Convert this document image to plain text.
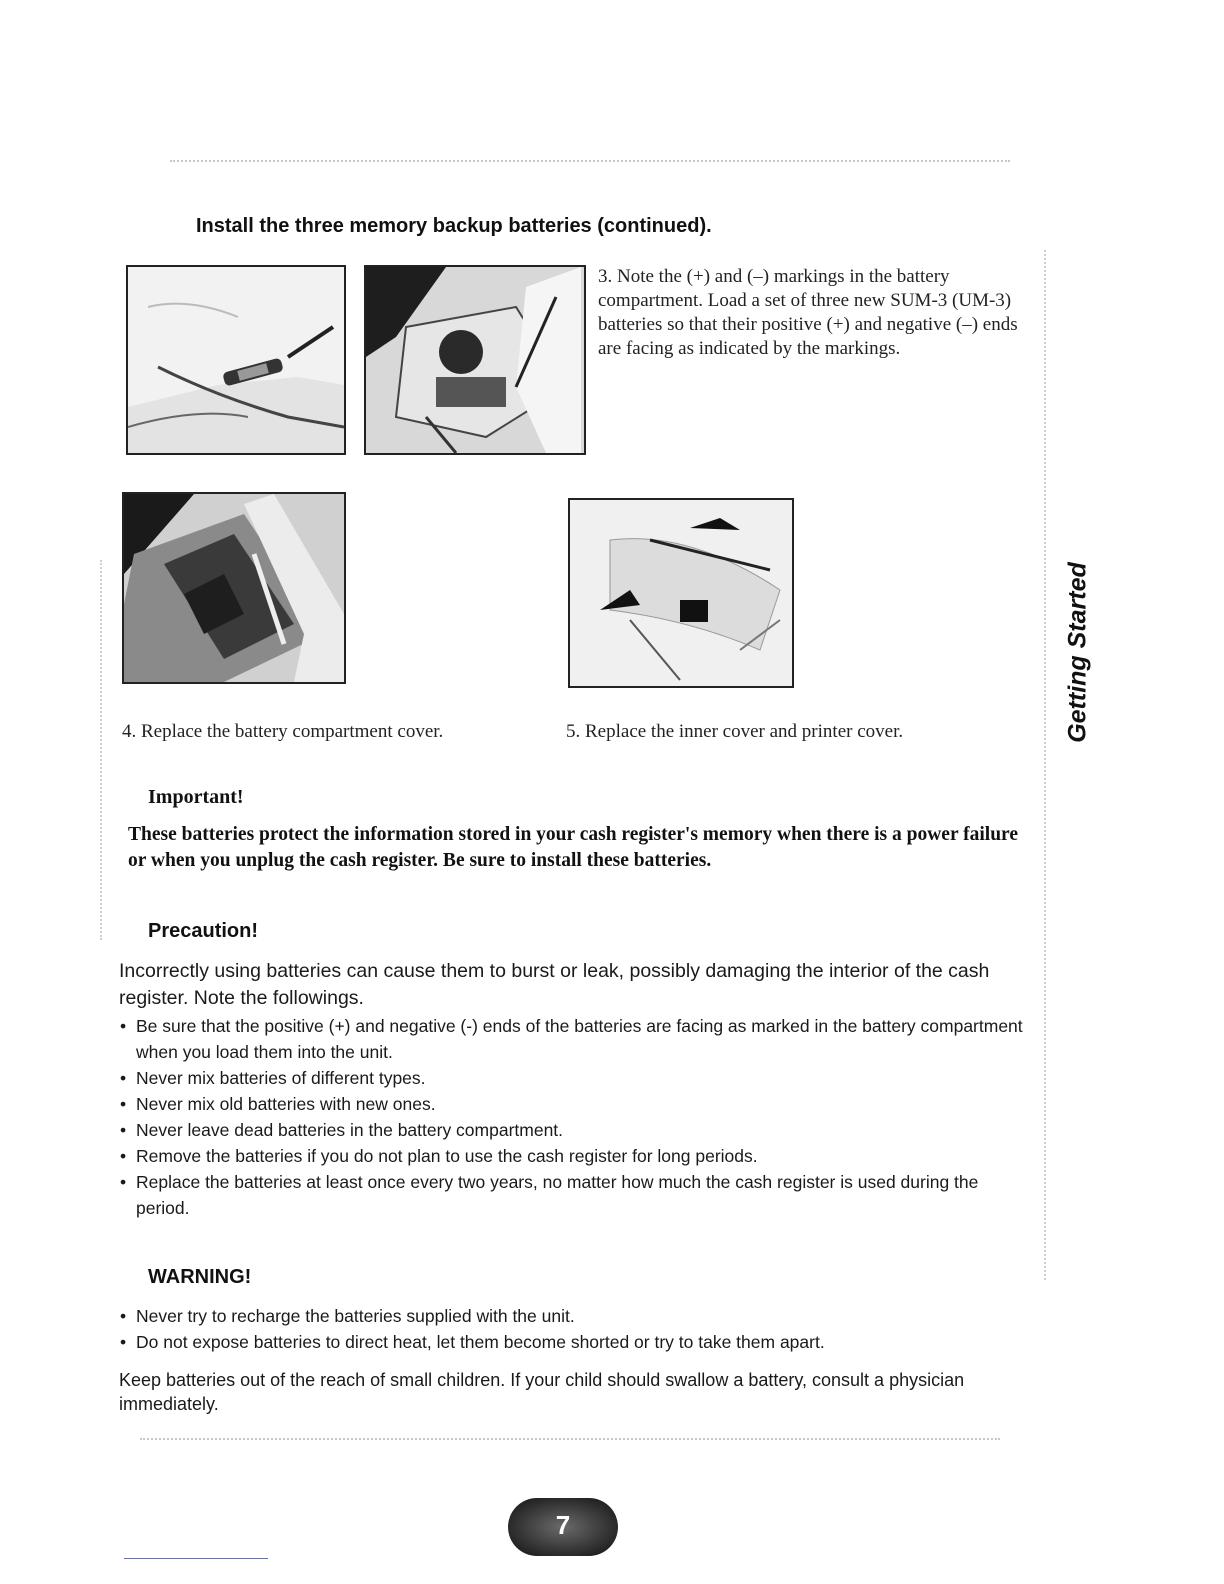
Install the three memory backup batteries (continued).
3. Note the (+) and (–) markings in the battery compartment. Load a set of three new SUM-3 (UM-3) batteries so that their positive (+) and negative (–) ends are facing as indicated by the markings.
4. Replace the battery compartment cover.	5. Replace the inner cover and printer cover.	Getting Started
Important!
These batteries protect the information stored in your cash register's memory when there is a power failure or when you unplug the cash register. Be sure to install these batteries.
Precaution!
Incorrectly using batteries can cause them to burst or leak, possibly damaging the interior of the cash register. Note the followings.
• Be sure that the positive (+) and negative (-) ends of the batteries are facing as marked in the battery compartment when you load them into the unit.
• Never mix batteries of different types.
• Never mix old batteries with new ones.
• Never leave dead batteries in the battery compartment.
• Remove the batteries if you do not plan to use the cash register for long periods.
• Replace the batteries at least once every two years, no matter how much the cash register is used during the period.
WARNING!
• Never try to recharge the batteries supplied with the unit.
• Do not expose batteries to direct heat, let them become shorted or try to take them apart.
Keep batteries out of the reach of small children. If your child should swallow a battery, consult a physician immediately.
7
